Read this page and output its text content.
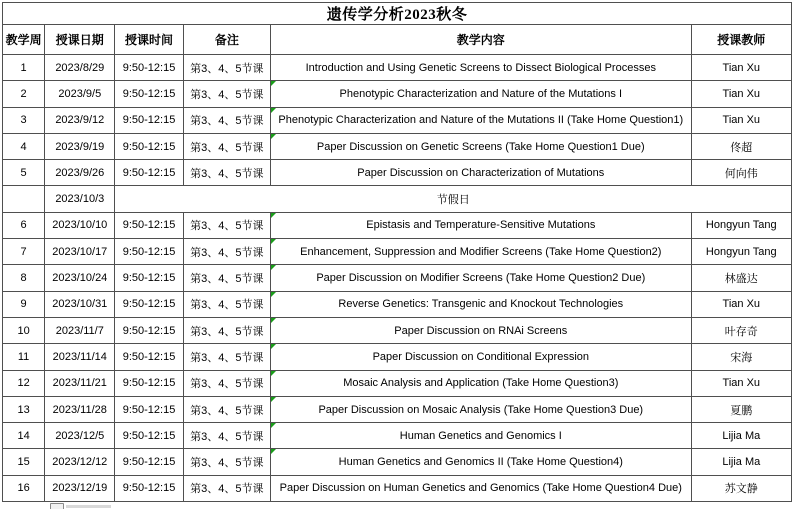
遗传学分析2023秋冬					
教学周	授课日期	授课时间	备注	教学内容	授课教师
1	2023/8/29	9:50-12:15	第3、4、5节课	Introduction and Using Genetic Screens to Dissect Biological Processes	Tian Xu
2	2023/9/5	9:50-12:15	第3、4、5节课	Phenotypic Characterization and Nature of the Mutations I	Tian Xu
3	2023/9/12	9:50-12:15	第3、4、5节课	Phenotypic Characterization and Nature of the Mutations II (Take Home Question1)	Tian Xu
4	2023/9/19	9:50-12:15	第3、4、5节课	Paper Discussion on Genetic Screens (Take Home Question1 Due)	佟超
5	2023/9/26	9:50-12:15	第3、4、5节课	Paper Discussion on Characterization of Mutations	何向伟
	2023/10/3	节假日			
6	2023/10/10	9:50-12:15	第3、4、5节课	Epistasis and Temperature-Sensitive Mutations	Hongyun Tang
7	2023/10/17	9:50-12:15	第3、4、5节课	Enhancement, Suppression and Modifier Screens (Take Home Question2)	Hongyun Tang
8	2023/10/24	9:50-12:15	第3、4、5节课	Paper Discussion on Modifier Screens (Take Home Question2 Due)	林盛达
9	2023/10/31	9:50-12:15	第3、4、5节课	Reverse Genetics: Transgenic and Knockout Technologies	Tian Xu
10	2023/11/7	9:50-12:15	第3、4、5节课	Paper Discussion on RNAi Screens	叶存奇
11	2023/11/14	9:50-12:15	第3、4、5节课	Paper Discussion on Conditional Expression	宋海
12	2023/11/21	9:50-12:15	第3、4、5节课	Mosaic Analysis and Application (Take Home Question3)	Tian Xu
13	2023/11/28	9:50-12:15	第3、4、5节课	Paper Discussion on Mosaic Analysis (Take Home Question3 Due)	夏鹏
14	2023/12/5	9:50-12:15	第3、4、5节课	Human Genetics and Genomics I	Lijia Ma
15	2023/12/12	9:50-12:15	第3、4、5节课	Human Genetics and Genomics II (Take Home Question4)	Lijia Ma
16	2023/12/19	9:50-12:15	第3、4、5节课	Paper Discussion on Human Genetics and Genomics (Take Home Question4 Due)	苏文静
